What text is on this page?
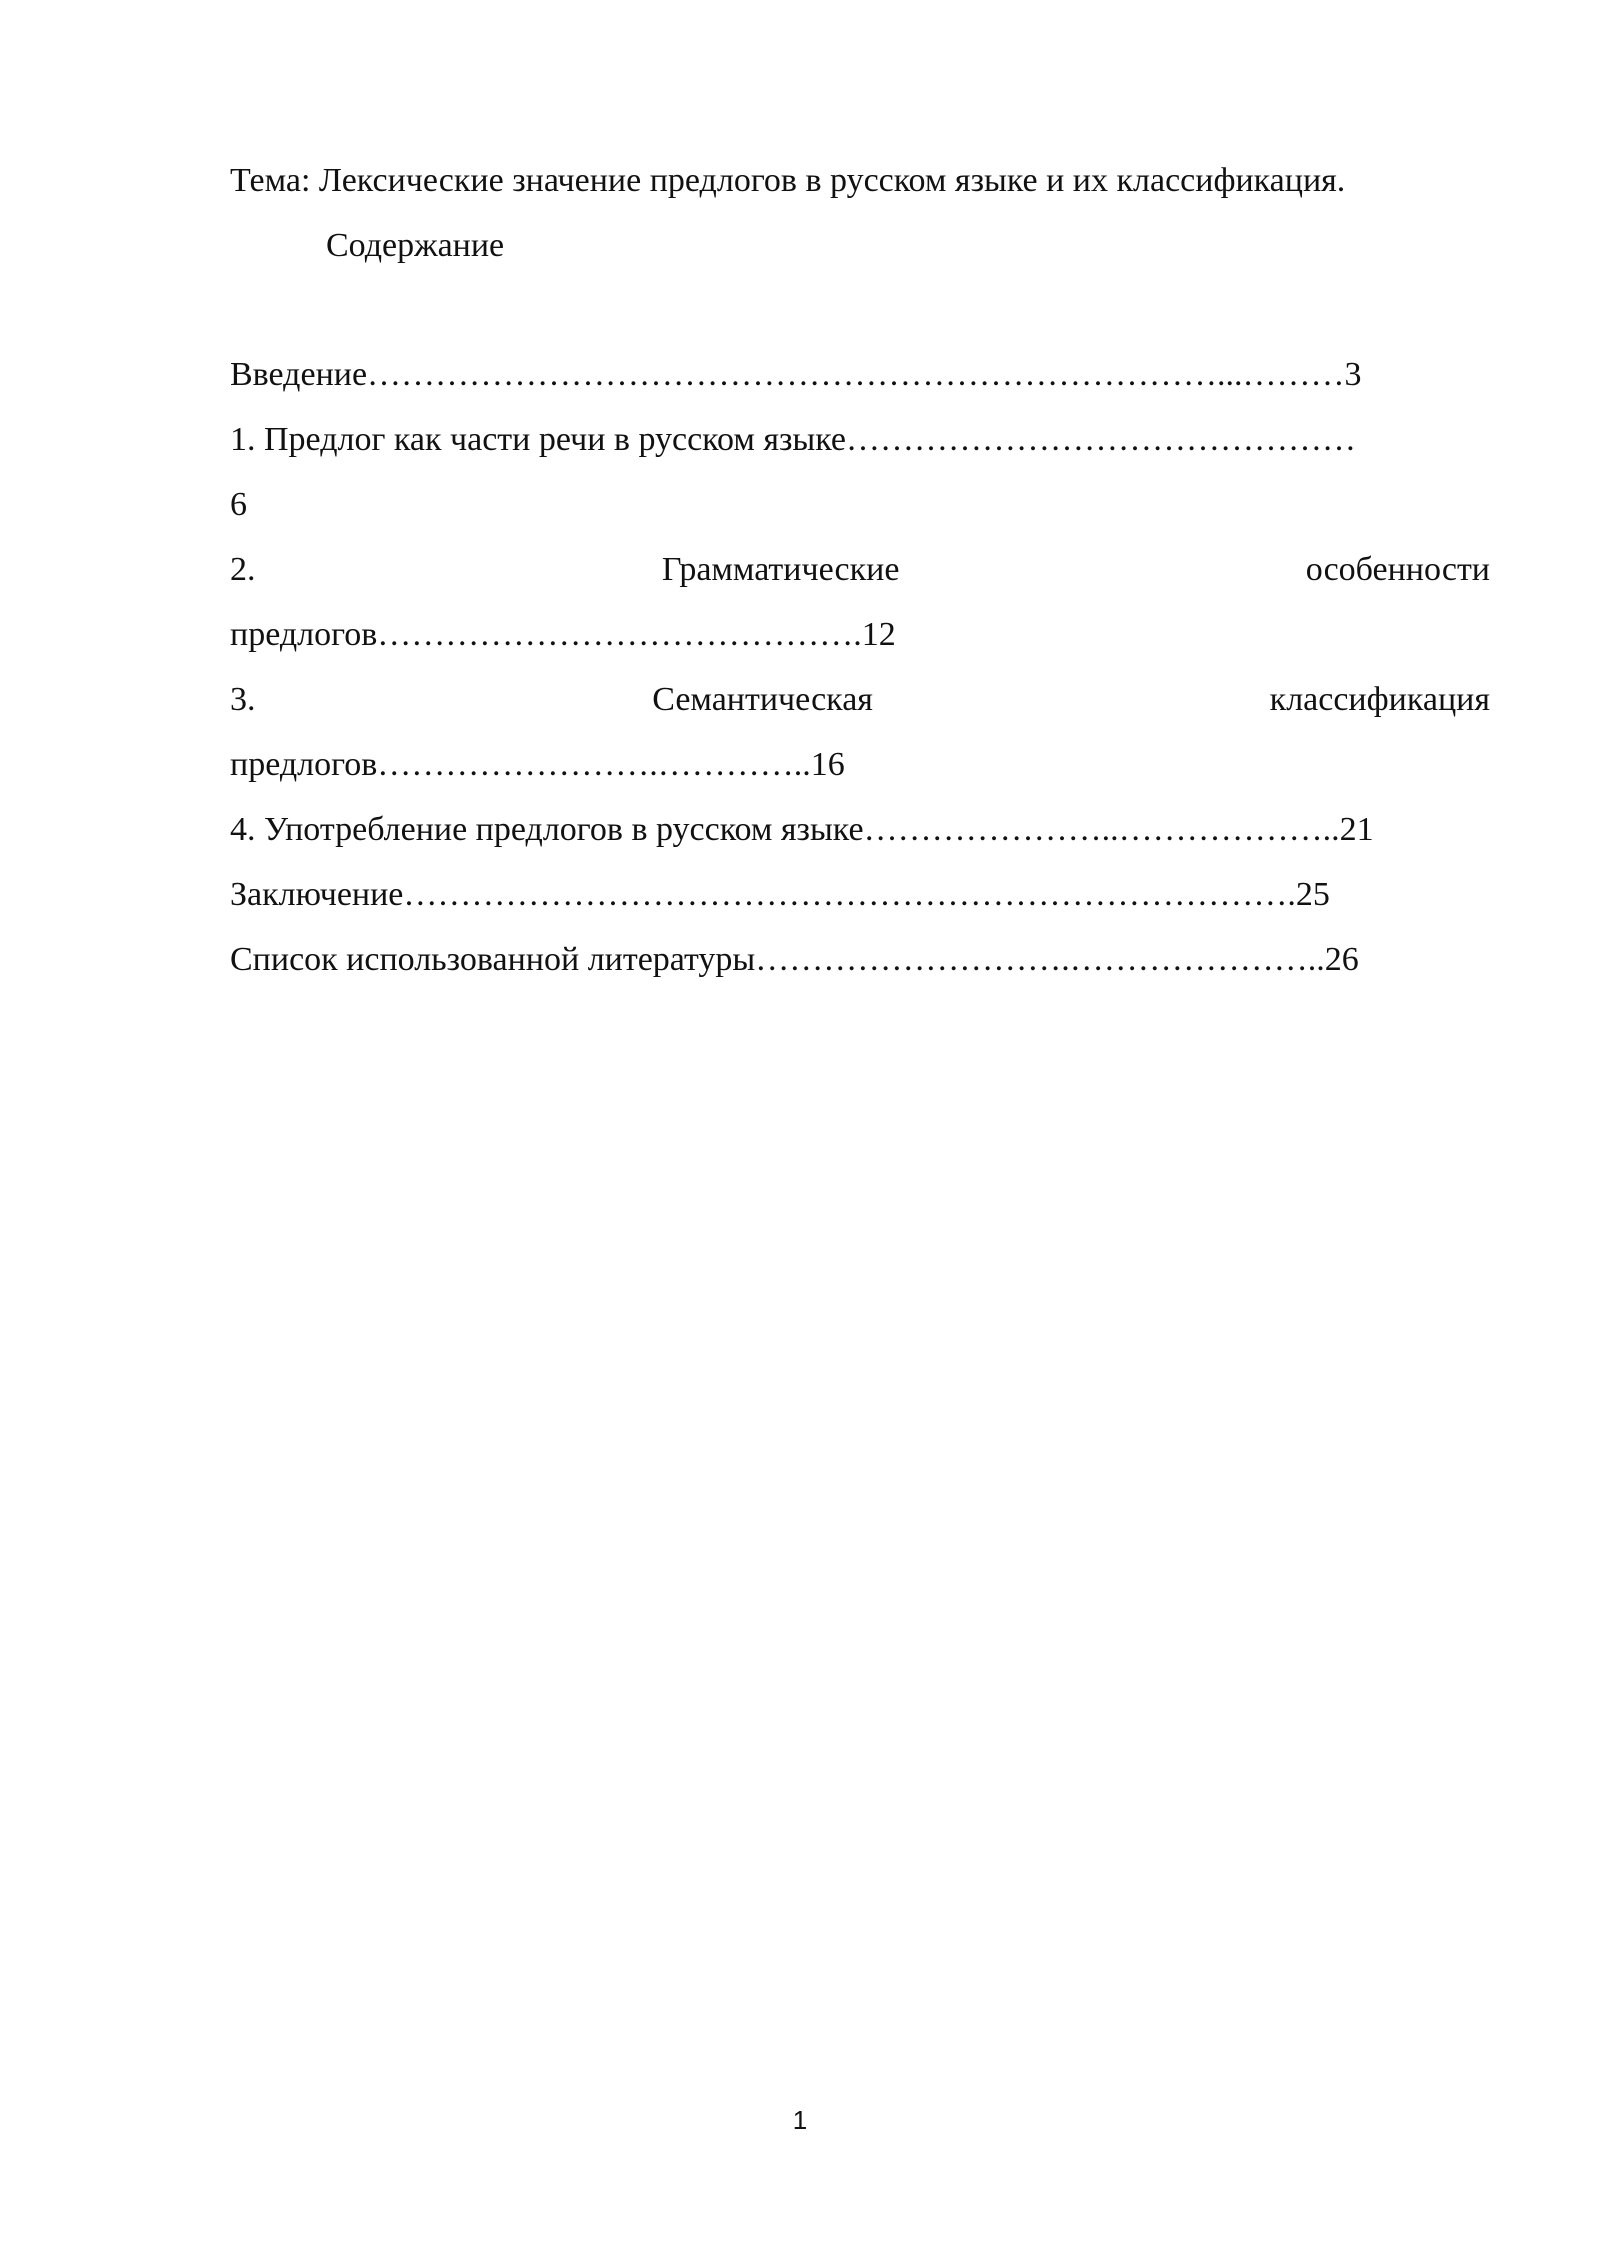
Тема: Лексические значение предлогов в русском языке и их классификация.
Содержание
Введение…………………………………………………………………...………3
1. Предлог как части речи в русском языке………………………………………
6
2.	Грамматические	особенности
предлогов…………………………………….12
3.	Семантическая	классификация
предлогов…………………….…………..16
4. Употребление предлогов в русском языке…………………..………………..21
Заключение…………………………………………………………………….25
Список использованной литературы……………………….…………………..26
1
